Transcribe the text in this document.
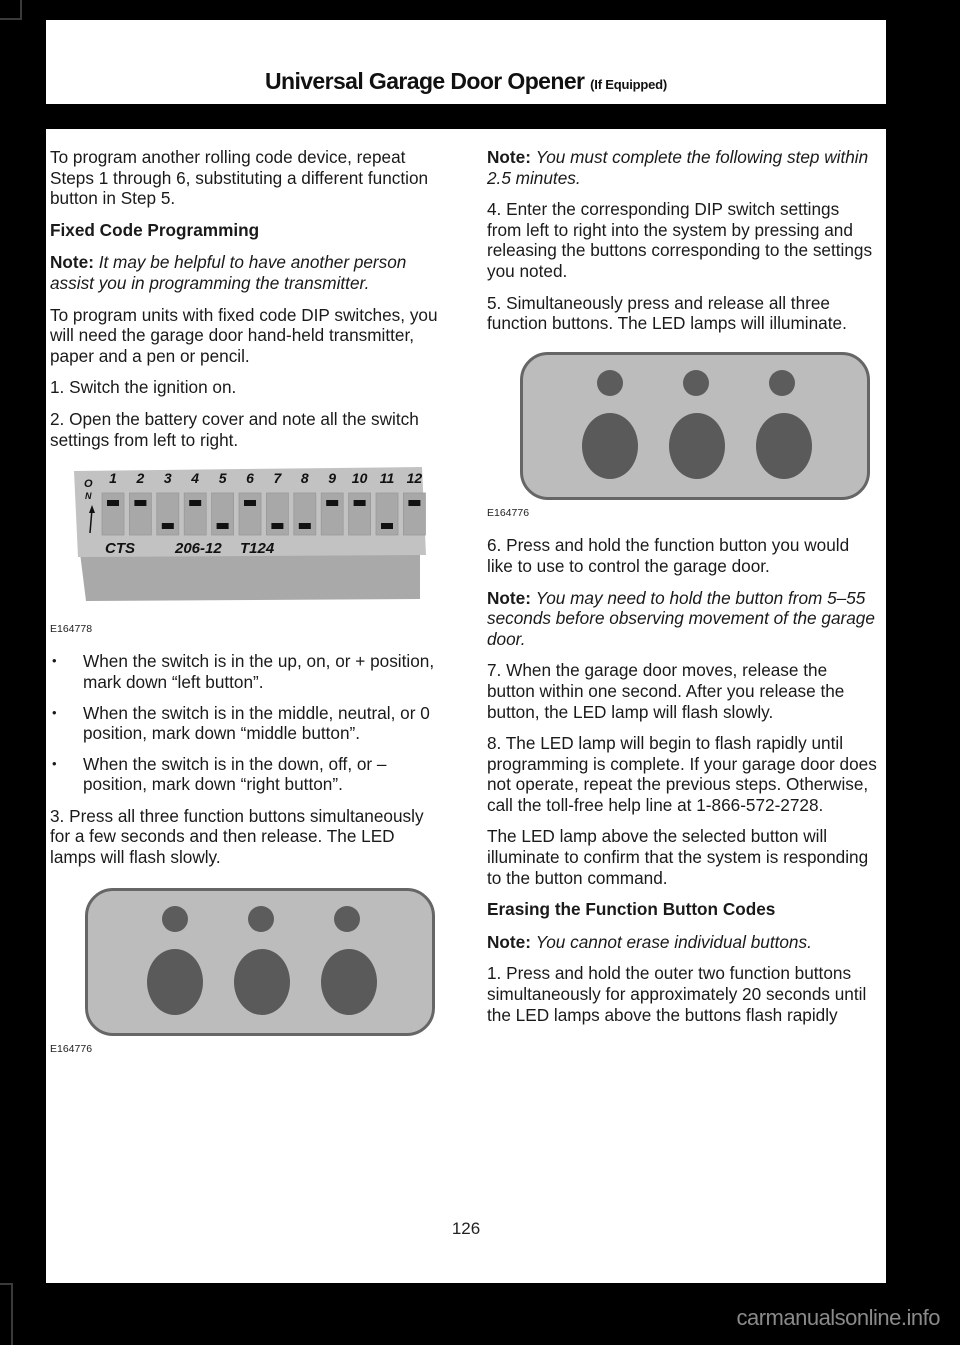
Universal Garage Door Opener (If Equipped)

To program another rolling code device, repeat Steps 1 through 6, substituting a different function button in Step 5.

Fixed Code Programming

Note: It may be helpful to have another person assist you in programming the transmitter.

To program units with fixed code DIP switches, you will need the garage door hand-held transmitter, paper and a pen or pencil.

1. Switch the ignition on.

2. Open the battery cover and note all the switch settings from left to right.

O
N
1 2 3 4 5 6 7 8 9 10 11 12
CTS	206-12 T124
E164778
• When the switch is in the up, on, or + position, mark down “left button”.
• When the switch is in the middle, neutral, or 0 position, mark down “middle button”.
• When the switch is in the down, off, or – position, mark down “right button”.

3. Press all three function buttons simultaneously for a few seconds and then release. The LED lamps will flash slowly.

E164776

Note: You must complete the following step within 2.5 minutes.

4. Enter the corresponding DIP switch settings from left to right into the system by pressing and releasing the buttons corresponding to the settings you noted.

5. Simultaneously press and release all three function buttons. The LED lamps will illuminate.

E164776

6. Press and hold the function button you would like to use to control the garage door.

Note: You may need to hold the button from 5–55 seconds before observing movement of the garage door.

7. When the garage door moves, release the button within one second. After you release the button, the LED lamp will flash slowly.

8. The LED lamp will begin to flash rapidly until programming is complete. If your garage door does not operate, repeat the previous steps. Otherwise, call the toll-free help line at 1-866-572-2728.

The LED lamp above the selected button will illuminate to confirm that the system is responding to the button command.

Erasing the Function Button Codes

Note: You cannot erase individual buttons.

1. Press and hold the outer two function buttons simultaneously for approximately 20 seconds until the LED lamps above the buttons flash rapidly

126
carmanualsonline.info
